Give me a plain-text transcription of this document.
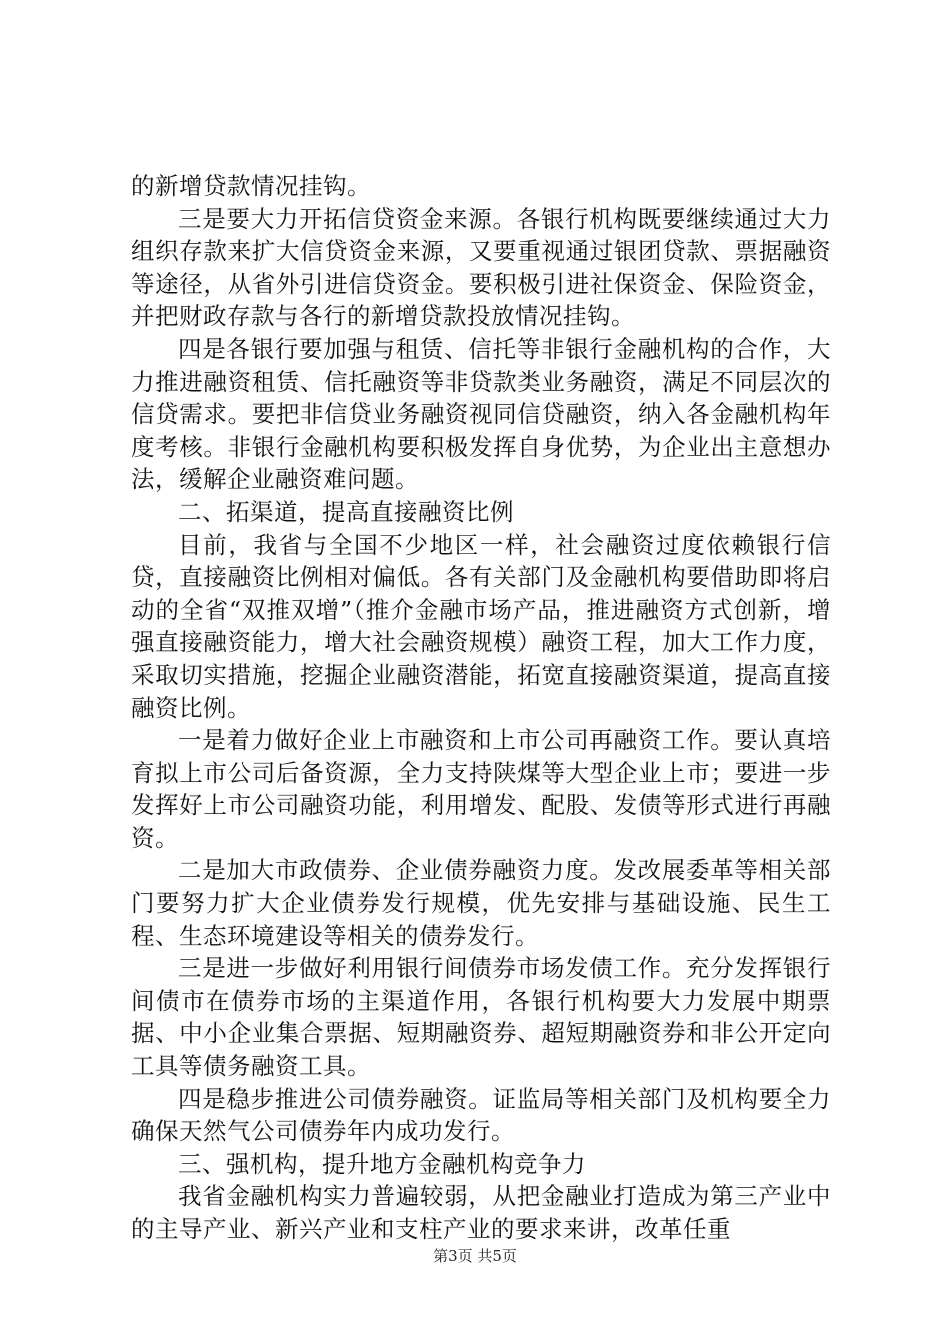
的新增贷款情况挂钩。

三是要大力开拓信贷资金来源。各银行机构既要继续通过大力组织存款来扩大信贷资金来源，又要重视通过银团贷款、票据融资等途径，从省外引进信贷资金。要积极引进社保资金、保险资金，并把财政存款与各行的新增贷款投放情况挂钩。

四是各银行要加强与租赁、信托等非银行金融机构的合作，大力推进融资租赁、信托融资等非贷款类业务融资，满足不同层次的信贷需求。要把非信贷业务融资视同信贷融资，纳入各金融机构年度考核。非银行金融机构要积极发挥自身优势，为企业出主意想办法，缓解企业融资难问题。

二、拓渠道，提高直接融资比例

目前，我省与全国不少地区一样，社会融资过度依赖银行信贷，直接融资比例相对偏低。各有关部门及金融机构要借助即将启动的全省“双推双增”（推介金融市场产品，推进融资方式创新，增强直接融资能力，增大社会融资规模）融资工程，加大工作力度，采取切实措施，挖掘企业融资潜能，拓宽直接融资渠道，提高直接融资比例。

一是着力做好企业上市融资和上市公司再融资工作。要认真培育拟上市公司后备资源，全力支持陕煤等大型企业上市；要进一步发挥好上市公司融资功能，利用增发、配股、发债等形式进行再融资。

二是加大市政债券、企业债券融资力度。发改展委革等相关部门要努力扩大企业债券发行规模，优先安排与基础设施、民生工程、生态环境建设等相关的债券发行。

三是进一步做好利用银行间债券市场发债工作。充分发挥银行间债市在债券市场的主渠道作用，各银行机构要大力发展中期票据、中小企业集合票据、短期融资券、超短期融资券和非公开定向工具等债务融资工具。

四是稳步推进公司债券融资。证监局等相关部门及机构要全力确保天然气公司债券年内成功发行。

三、强机构，提升地方金融机构竞争力

我省金融机构实力普遍较弱，从把金融业打造成为第三产业中的主导产业、新兴产业和支柱产业的要求来讲，改革任重

第3页 共5页
